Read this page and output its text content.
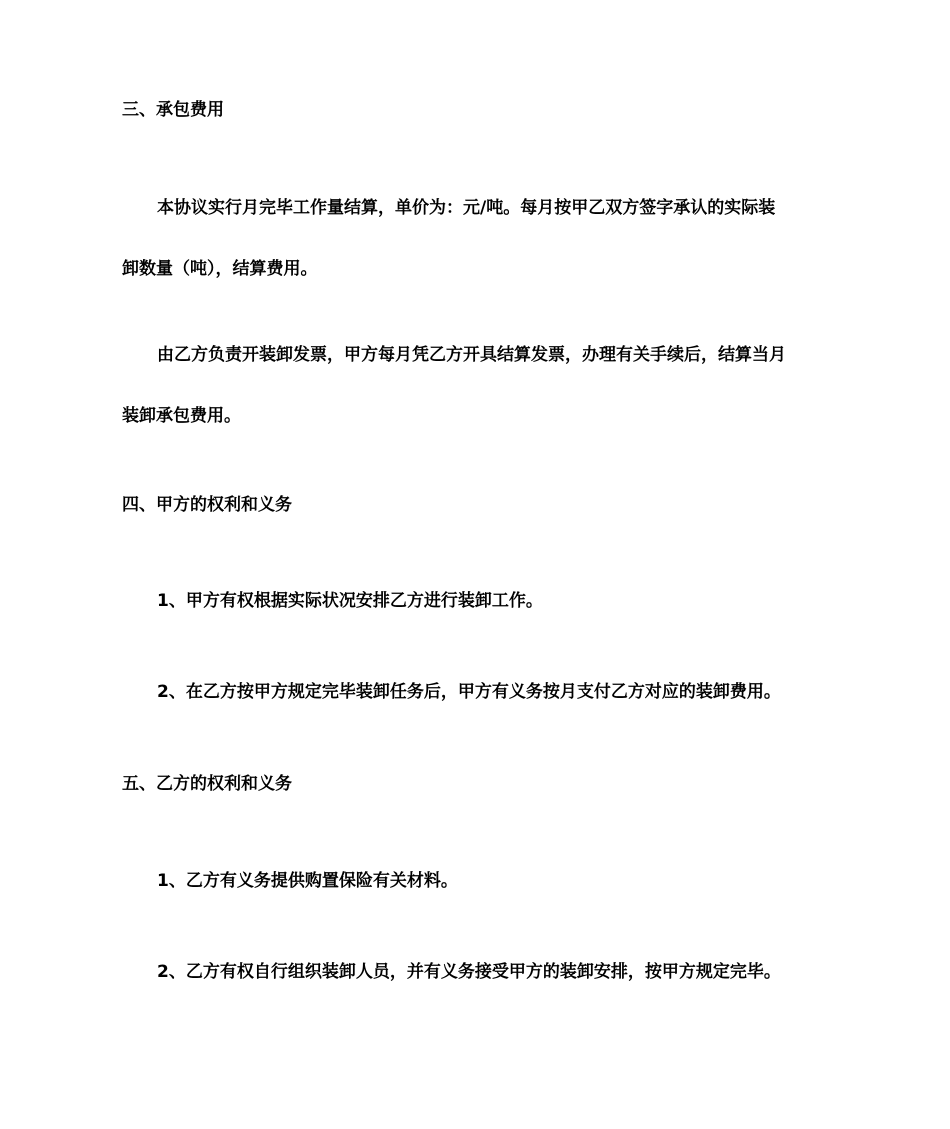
三、承包费用

本协议实行月完毕工作量结算，单价为：元/吨。每月按甲乙双方签字承认的实际装
卸数量（吨），结算费用。

由乙方负责开装卸发票，甲方每月凭乙方开具结算发票，办理有关手续后，结算当月
装卸承包费用。

四、甲方的权利和义务

1、甲方有权根据实际状况安排乙方进行装卸工作。

2、在乙方按甲方规定完毕装卸任务后，甲方有义务按月支付乙方对应的装卸费用。

五、乙方的权利和义务

1、乙方有义务提供购置保险有关材料。

2、乙方有权自行组织装卸人员，并有义务接受甲方的装卸安排，按甲方规定完毕。
